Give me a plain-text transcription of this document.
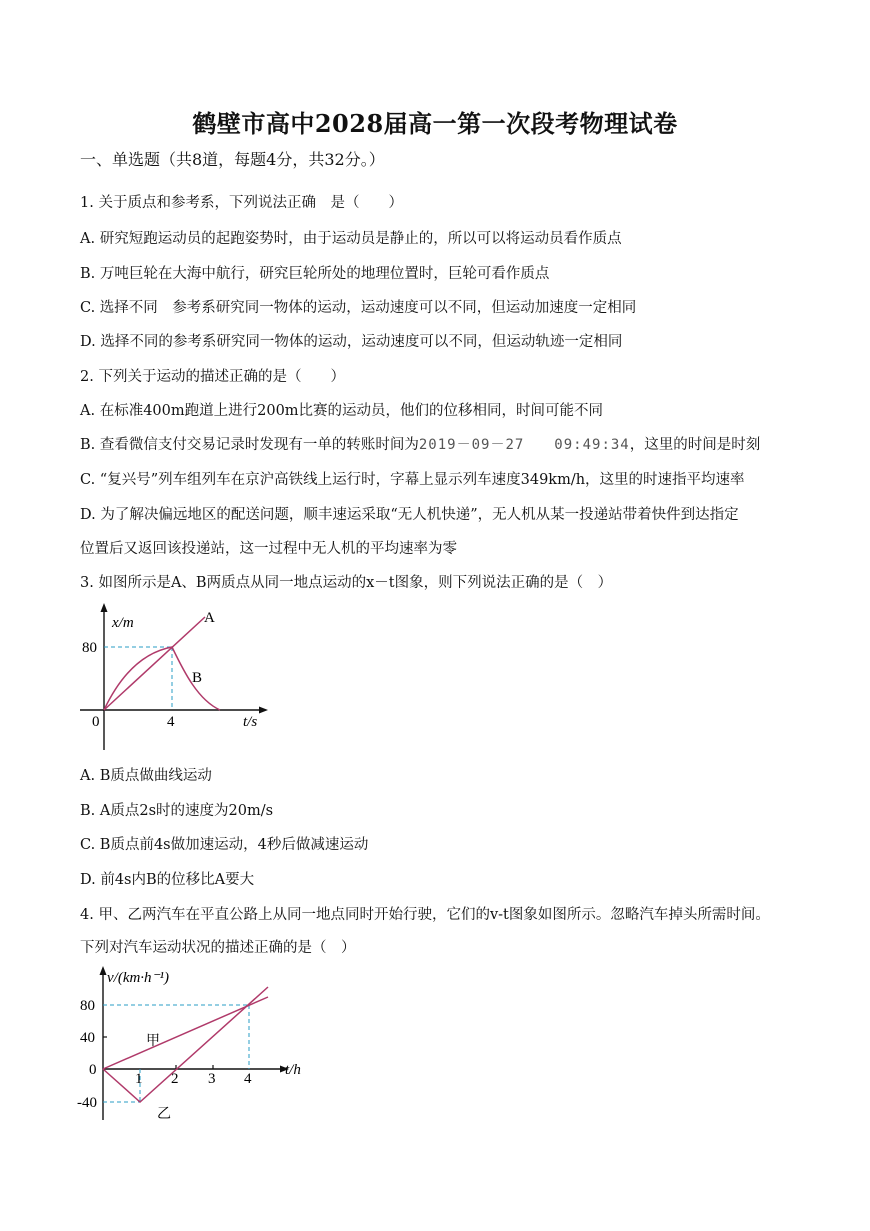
鹤壁市高中2028届高一第一次段考物理试卷
一、单选题（共8道，每题4分，共32分。）
1. 关于质点和参考系，下列说法正确　是（　　）
A. 研究短跑运动员的起跑姿势时，由于运动员是静止的，所以可以将运动员看作质点
B. 万吨巨轮在大海中航行，研究巨轮所处的地理位置时，巨轮可看作质点
C. 选择不同　参考系研究同一物体的运动，运动速度可以不同，但运动加速度一定相同
D. 选择不同的参考系研究同一物体的运动，运动速度可以不同，但运动轨迹一定相同
2. 下列关于运动的描述正确的是（　　）
A. 在标准400m跑道上进行200m比赛的运动员，他们的位移相同，时间可能不同
B. 查看微信支付交易记录时发现有一单的转账时间为2019－09－27　　09:49:34，这里的时间是时刻
C. “复兴号”列车组列车在京沪高铁线上运行时，字幕上显示列车速度349km/h，这里的时速指平均速率
D. 为了解决偏远地区的配送问题，顺丰速运采取“无人机快递”，无人机从某一投递站带着快件到达指定
位置后又返回该投递站，这一过程中无人机的平均速率为零
3. 如图所示是A、B两质点从同一地点运动的x－t图象，则下列说法正确的是（　）
x/m
80
0	4	t/s
A
B
A. B质点做曲线运动
B. A质点2s时的速度为20m/s
C. B质点前4s做加速运动，4秒后做减速运动
D. 前4s内B的位移比A要大
4. 甲、乙两汽车在平直公路上从同一地点同时开始行驶，它们的v-t图象如图所示。忽略汽车掉头所需时间。
下列对汽车运动状况的描述正确的是（　）
v/(km·h⁻¹)
80
40
0
-40
1 2 3 4
t/h
甲
乙
